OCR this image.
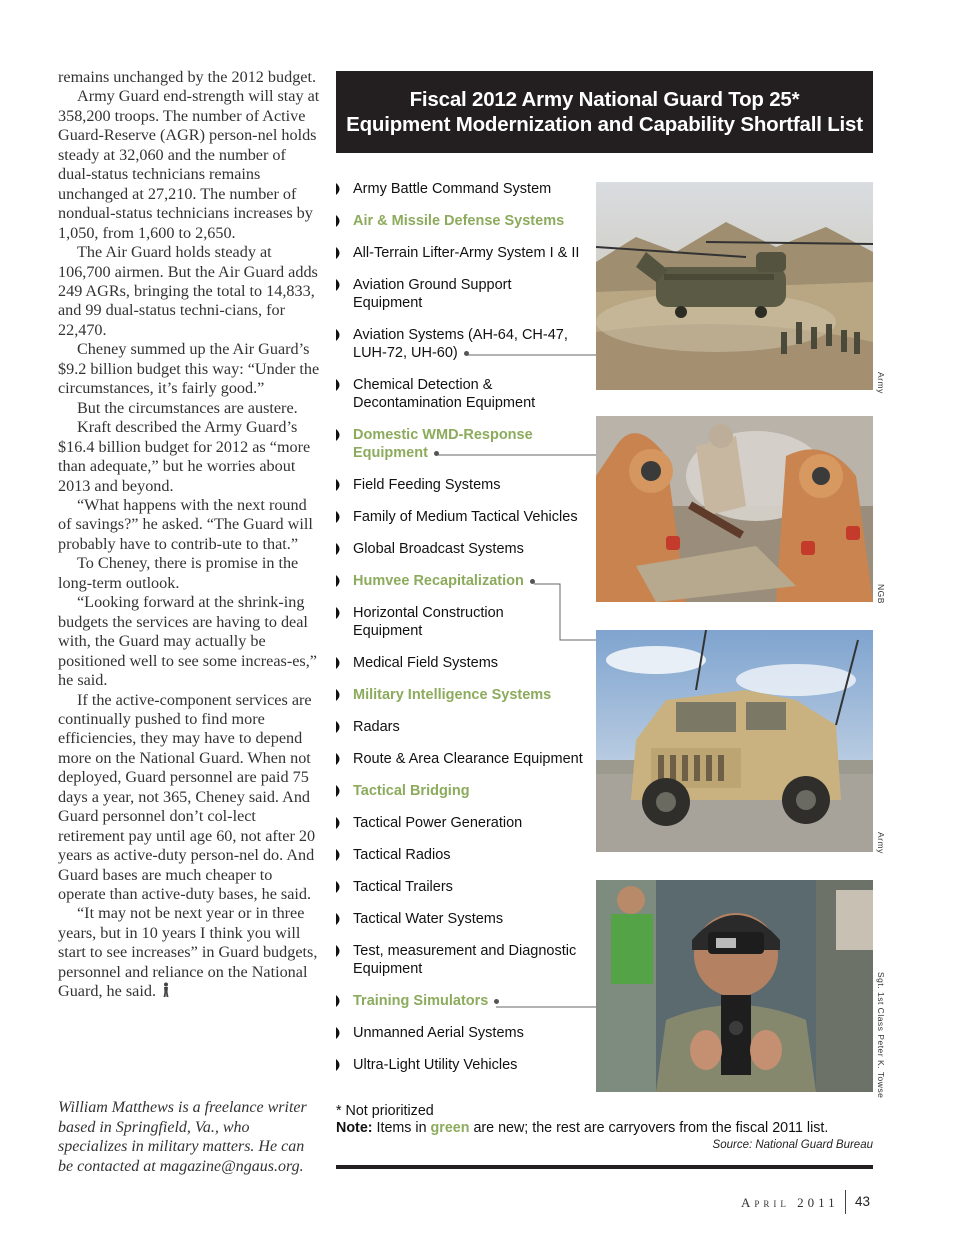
remains unchanged by the 2012 budget.

Army Guard end-strength will stay at 358,200 troops. The number of Active Guard-Reserve (AGR) person-nel holds steady at 32,060 and the number of dual-status technicians remains unchanged at 27,210. The number of nondual-status technicians increases by 1,050, from 1,600 to 2,650.

The Air Guard holds steady at 106,700 airmen. But the Air Guard adds 249 AGRs, bringing the total to 14,833, and 99 dual-status techni-cians, for 22,470.

Cheney summed up the Air Guard’s $9.2 billion budget this way: “Under the circumstances, it’s fairly good.”

But the circumstances are austere.

Kraft described the Army Guard’s $16.4 billion budget for 2012 as “more than adequate,” but he worries about 2013 and beyond.

“What happens with the next round of savings?” he asked. “The Guard will probably have to contrib-ute to that.”

To Cheney, there is promise in the long-term outlook.

“Looking forward at the shrink-ing budgets the services are having to deal with, the Guard may actually be positioned well to see some increas-es,” he said.

If the active-component services are continually pushed to find more efficiencies, they may have to depend more on the National Guard. When not deployed, Guard personnel are paid 75 days a year, not 365, Cheney said. And Guard personnel don’t col-lect retirement pay until age 60, not after 20 years as active-duty person-nel do. And Guard bases are much cheaper to operate than active-duty bases, he said.

“It may not be next year or in three years, but in 10 years I think you will start to see increases” in Guard budgets, personnel and reliance on the National Guard, he said.

William Matthews is a freelance writer based in Springfield, Va., who specializes in military matters. He can be contacted at magazine@ngaus.org.
Fiscal 2012 Army National Guard Top 25*
Equipment Modernization and Capability Shortfall List
Army Battle Command System
Air & Missile Defense Systems
All-Terrain Lifter-Army System I & II
Aviation Ground Support Equipment
Aviation Systems (AH-64, CH-47, LUH-72, UH-60)
Chemical Detection & Decontamination Equipment
Domestic WMD-Response Equipment
Field Feeding Systems
Family of Medium Tactical Vehicles
Global Broadcast Systems
Humvee Recapitalization
Horizontal Construction Equipment
Medical Field Systems
Military Intelligence Systems
Radars
Route & Area Clearance Equipment
Tactical Bridging
Tactical Power Generation
Tactical Radios
Tactical Trailers
Tactical Water Systems
Test, measurement and Diagnostic Equipment
Training Simulators
Unmanned Aerial Systems
Ultra-Light Utility Vehicles
Army
NGB
Army
Sgt. 1st Class Peter K. Towse
* Not prioritized
Note: Items in green are new; the rest are carryovers from the fiscal 2011 list.
Source: National Guard Bureau
April 2011 43
